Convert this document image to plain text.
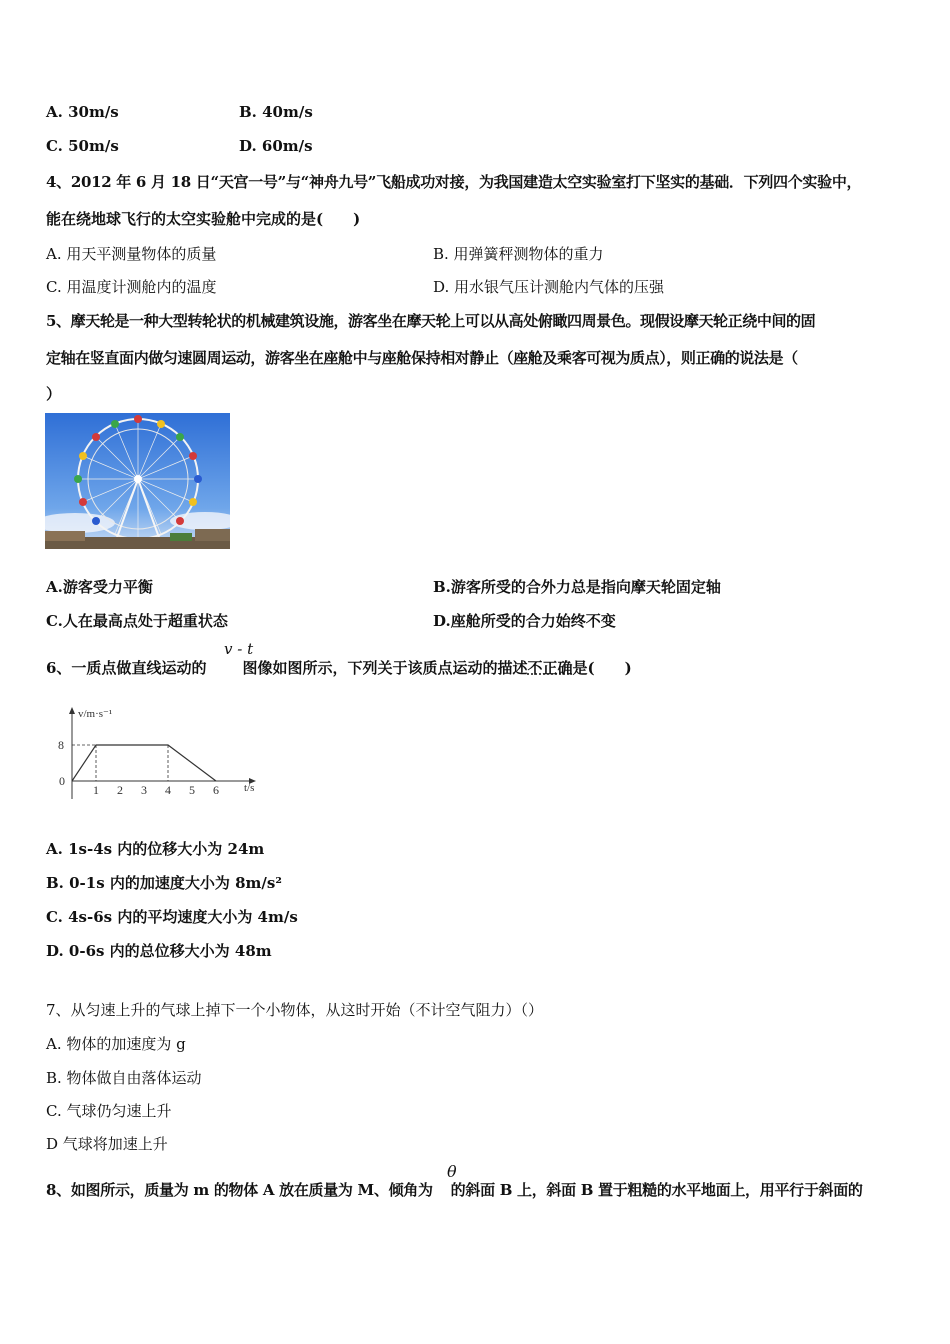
A. 30m/s	B. 40m/s
C. 50m/s	D. 60m/s
4、2012 年 6 月 18 日“天宫一号”与“神舟九号”飞船成功对接，为我国建造太空实验室打下坚实的基础．下列四个实验中，
能在绕地球飞行的太空实验舱中完成的是(　　)
A. 用天平测量物体的质量	B. 用弹簧秤测物体的重力
C. 用温度计测舱内的温度	D. 用水银气压计测舱内气体的压强
5、摩天轮是一种大型转轮状的机械建筑设施，游客坐在摩天轮上可以从高处俯瞰四周景色。现假设摩天轮正绕中间的固
定轴在竖直面内做匀速圆周运动，游客坐在座舱中与座舱保持相对静止（座舱及乘客可视为质点），则正确的说法是（
）
A.游客受力平衡	B.游客所受的合外力总是指向摩天轮固定轴
C.人在最高点处于超重状态	D.座舱所受的合力始终不变
6、一质点做直线运动的 图像如图所示，下列关于该质点运动的描述不正确是(　　)
v - t
v/m·s⁻¹
t/s
0
1 2 3 4 5 6
8
A. 1s-4s 内的位移大小为 24m
B. 0-1s 内的加速度大小为 8m/s²
C. 4s-6s 内的平均速度大小为 4m/s
D. 0-6s 内的总位移大小为 48m
7、从匀速上升的气球上掉下一个小物体，从这时开始（不计空气阻力）（）
A. 物体的加速度为 g
B. 物体做自由落体运动
C. 气球仍匀速上升
D 气球将加速上升
8、如图所示，质量为 m 的物体 A 放在质量为 M、倾角为 的斜面 B 上，斜面 B 置于粗糙的水平地面上，用平行于斜面的
θ
